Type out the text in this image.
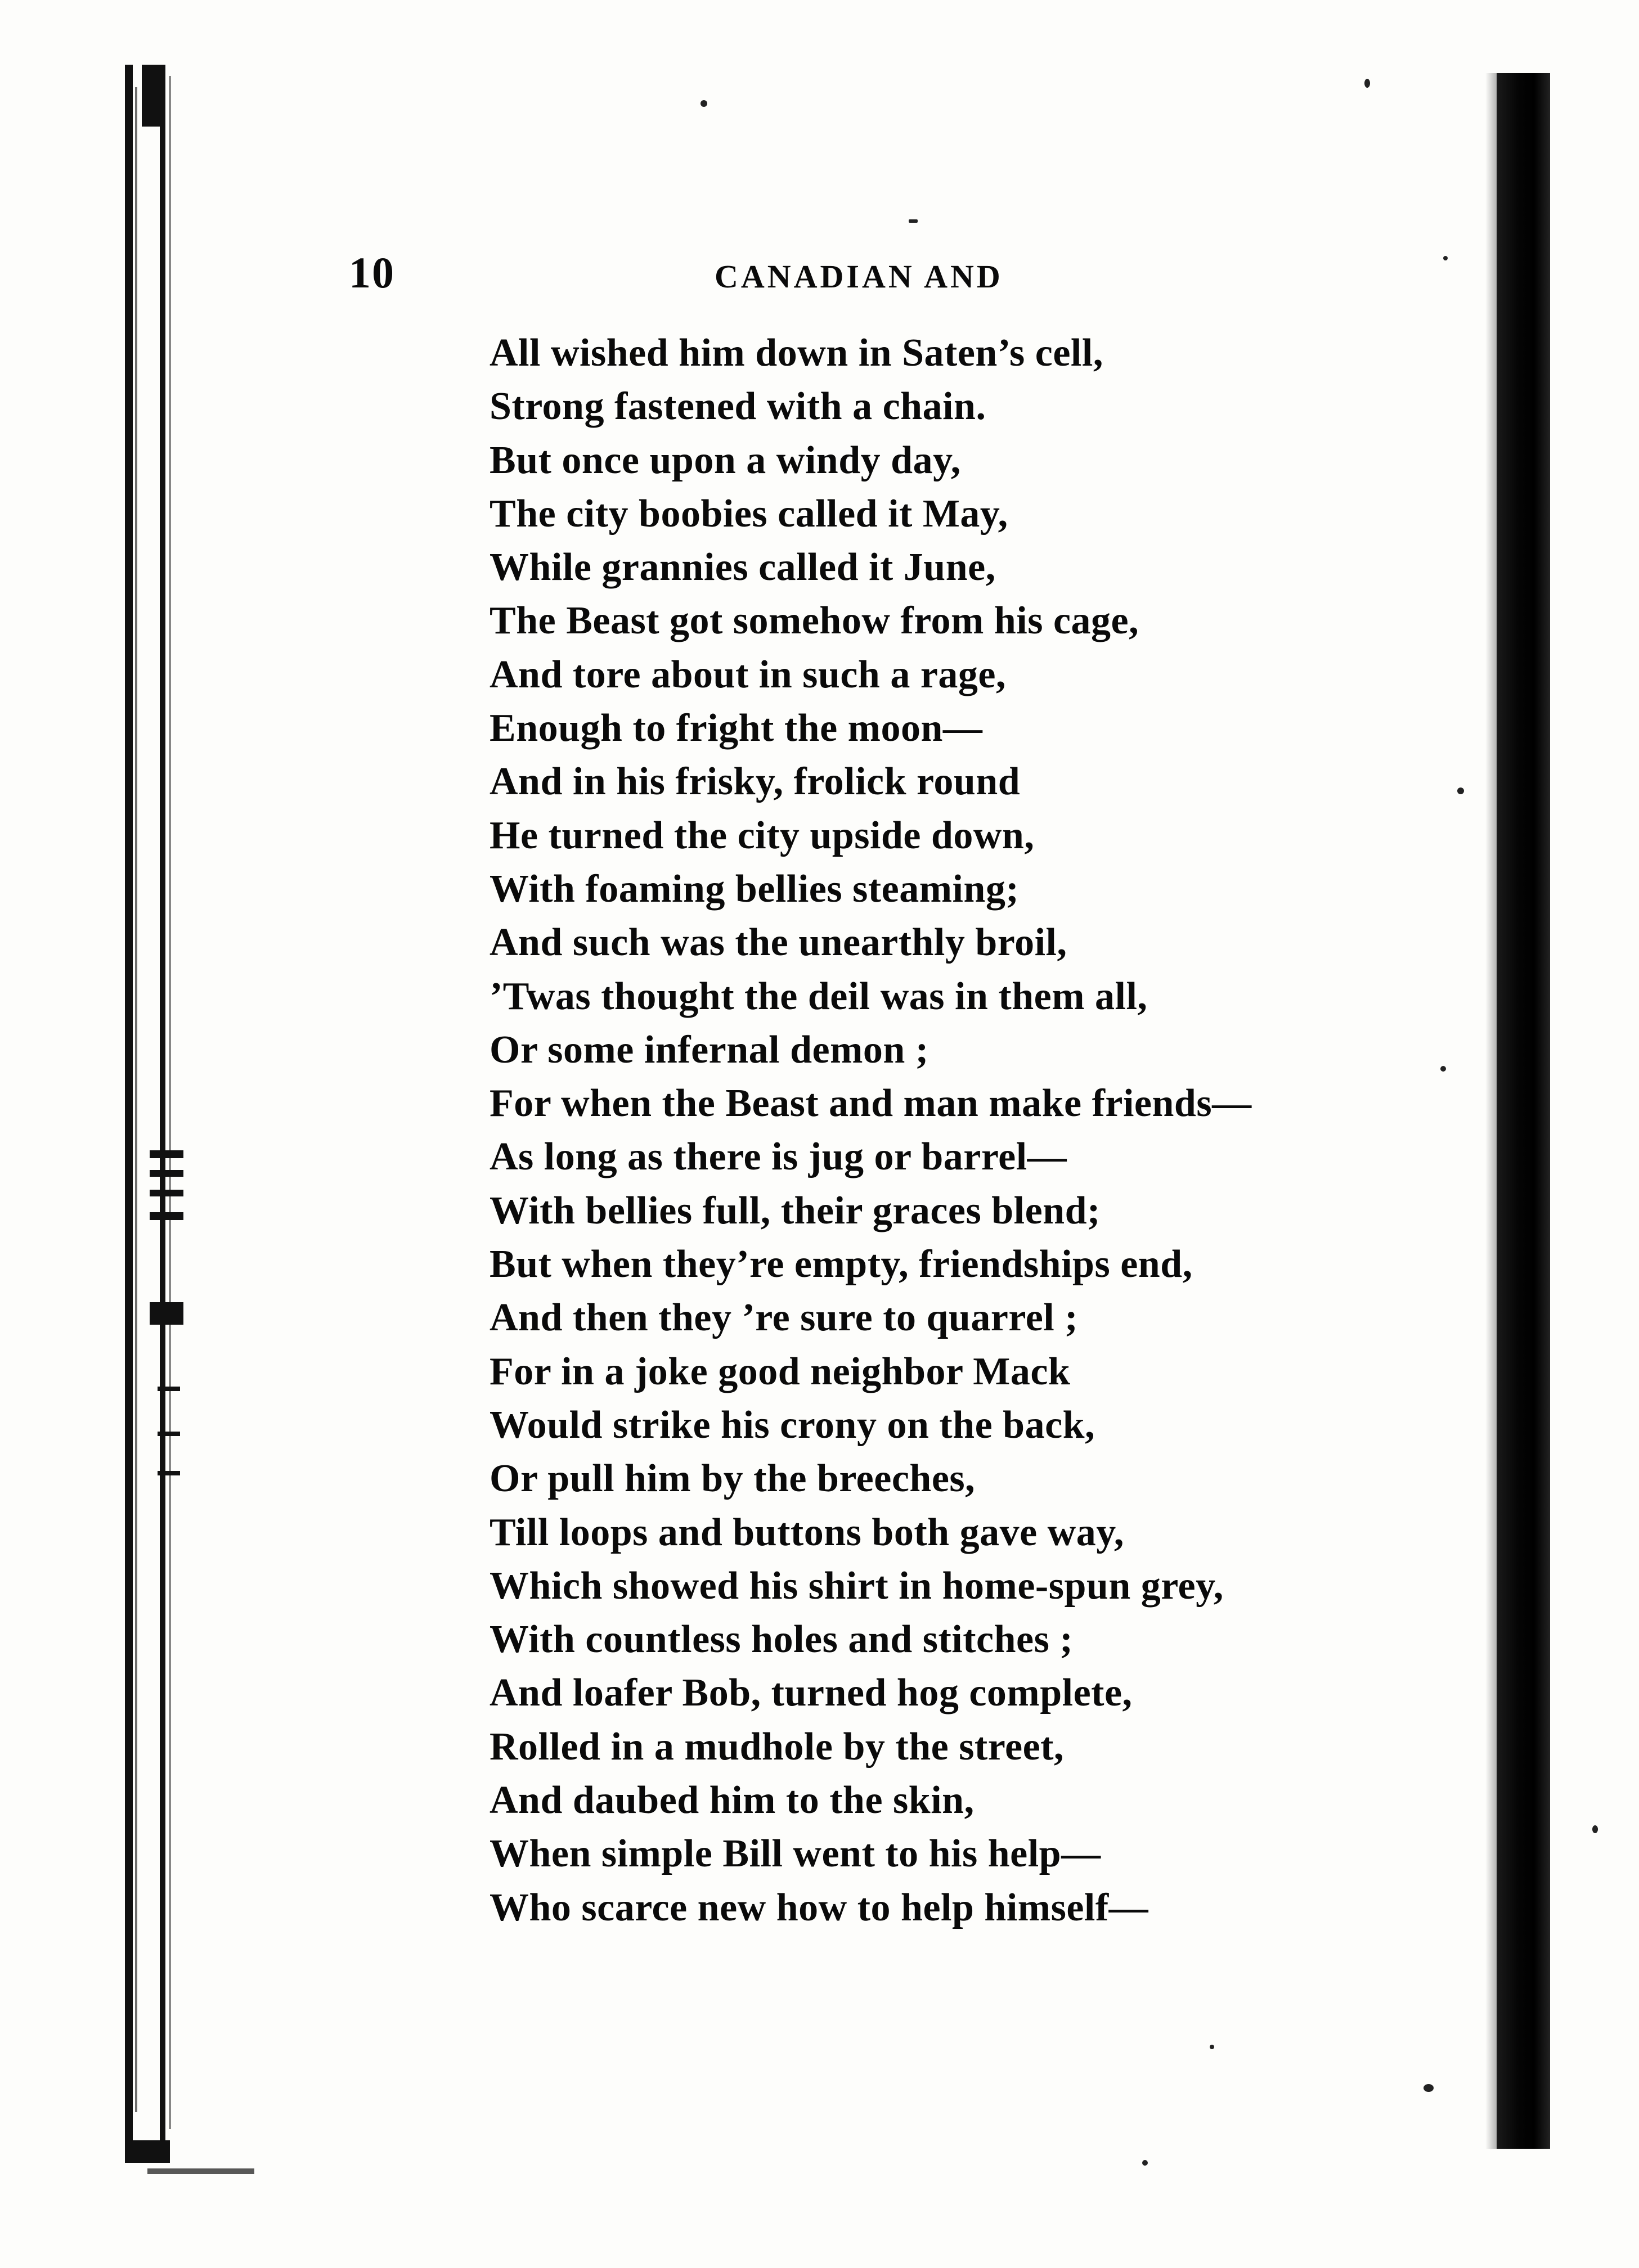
10	CANADIAN AND
All wished him down in Saten’s cell,
Strong fastened with a chain.
But once upon a windy day,
The city boobies called it May,
While grannies called it June,
The Beast got somehow from his cage,
And tore about in such a rage,
Enough to fright the moon—
And in his frisky, frolick round
He turned the city upside down,
With foaming bellies steaming;
And such was the unearthly broil,
’Twas thought the deil was in them all,
Or some infernal demon ;
For when the Beast and man make friends—
As long as there is jug or barrel—
With bellies full, their graces blend;
But when they’re empty, friendships end,
And then they ’re sure to quarrel ;
For in a joke good neighbor Mack
Would strike his crony on the back,
Or pull him by the breeches,
Till loops and buttons both gave way,
Which showed his shirt in home-spun grey,
With countless holes and stitches ;
And loafer Bob, turned hog complete,
Rolled in a mudhole by the street,
And daubed him to the skin,
When simple Bill went to his help—
Who scarce new how to help himself—
